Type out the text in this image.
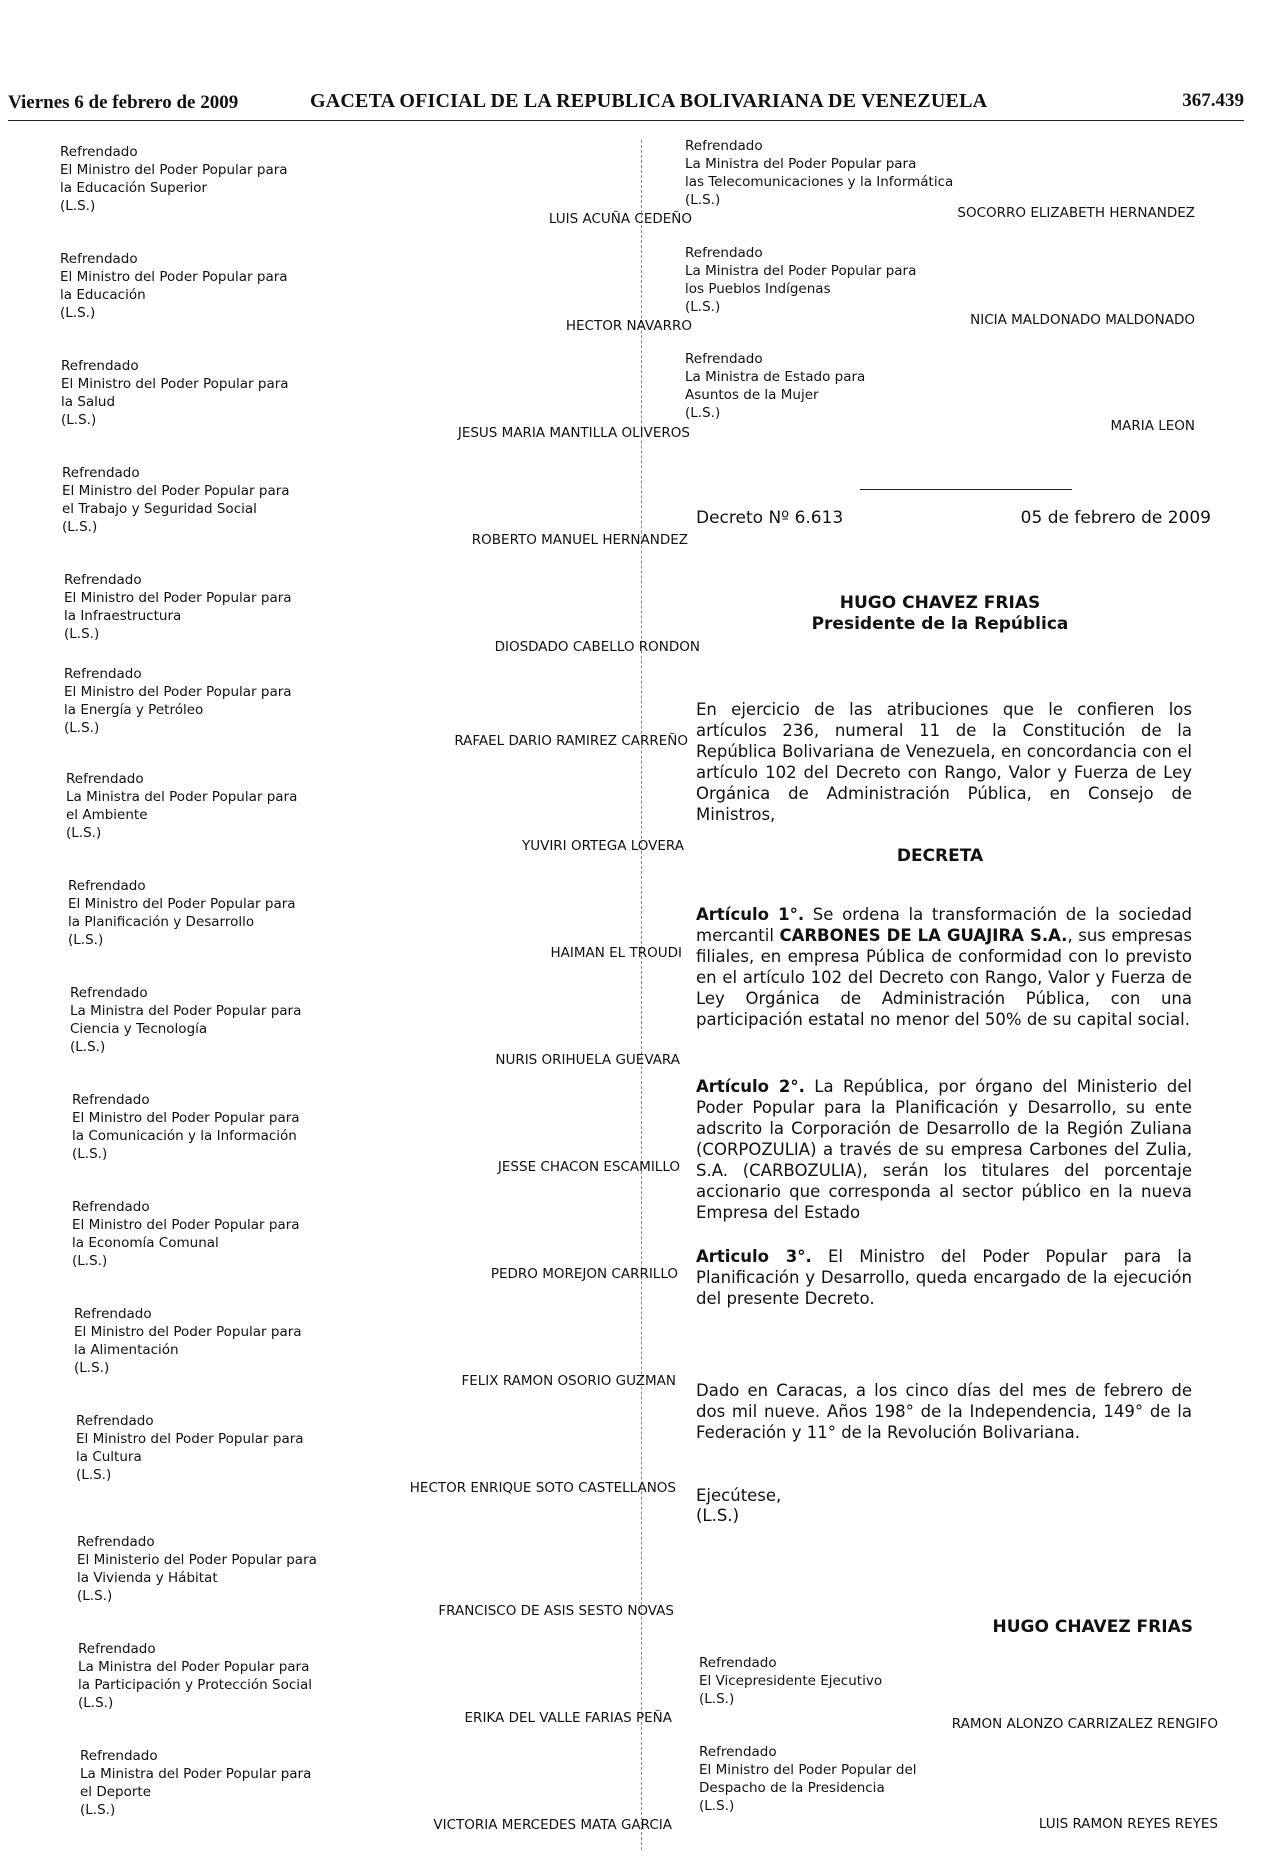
Viernes 6 de febrero de 2009	GACETA OFICIAL DE LA REPUBLICA BOLIVARIANA DE VENEZUELA	367.439
Refrendado
El Ministro del Poder Popular para
la Educación Superior
(L.S.)
LUIS ACUÑA CEDEÑO
Refrendado
El Ministro del Poder Popular para
la Educación
(L.S.)
HECTOR NAVARRO
Refrendado
El Ministro del Poder Popular para
la Salud
(L.S.)
JESUS MARIA MANTILLA OLIVEROS
Refrendado
El Ministro del Poder Popular para
el Trabajo y Seguridad Social
(L.S.)
ROBERTO MANUEL HERNANDEZ
Refrendado
El Ministro del Poder Popular para
la Infraestructura
(L.S.)
DIOSDADO CABELLO RONDON
Refrendado
El Ministro del Poder Popular para
la Energía y Petróleo
(L.S.)
RAFAEL DARIO RAMIREZ CARREÑO
Refrendado
La Ministra del Poder Popular para
el Ambiente
(L.S.)
YUVIRI ORTEGA LOVERA
Refrendado
El Ministro del Poder Popular para
la Planificación y Desarrollo
(L.S.)
HAIMAN EL TROUDI
Refrendado
La Ministra del Poder Popular para
Ciencia y Tecnología
(L.S.)
NURIS ORIHUELA GUEVARA
Refrendado
El Ministro del Poder Popular para
la Comunicación y la Información
(L.S.)
JESSE CHACON ESCAMILLO
Refrendado
El Ministro del Poder Popular para
la Economía Comunal
(L.S.)
PEDRO MOREJON CARRILLO
Refrendado
El Ministro del Poder Popular para
la Alimentación
(L.S.)
FELIX RAMON OSORIO GUZMAN
Refrendado
El Ministro del Poder Popular para
la Cultura
(L.S.)
HECTOR ENRIQUE SOTO CASTELLANOS
Refrendado
El Ministerio del Poder Popular para
la Vivienda y Hábitat
(L.S.)
FRANCISCO DE ASIS SESTO NOVAS
Refrendado
La Ministra del Poder Popular para
la Participación y Protección Social
(L.S.)
ERIKA DEL VALLE FARIAS PEÑA
Refrendado
La Ministra del Poder Popular para
el Deporte
(L.S.)
VICTORIA MERCEDES MATA GARCIA
Refrendado
La Ministra del Poder Popular para
las Telecomunicaciones y la Informática
(L.S.)
SOCORRO ELIZABETH HERNANDEZ
Refrendado
La Ministra del Poder Popular para
los Pueblos Indígenas
(L.S.)
NICIA MALDONADO MALDONADO
Refrendado
La Ministra de Estado para
Asuntos de la Mujer
(L.S.)
MARIA LEON
Decreto Nº 6.613	05 de febrero de 2009
HUGO CHAVEZ FRIAS
Presidente de la República
En ejercicio de las atribuciones que le confieren los artículos 236, numeral 11 de la Constitución de la República Bolivariana de Venezuela, en concordancia con el artículo 102 del Decreto con Rango, Valor y Fuerza de Ley Orgánica de Administración Pública, en Consejo de Ministros,
DECRETA
Artículo 1°. Se ordena la transformación de la sociedad mercantil CARBONES DE LA GUAJIRA S.A., sus empresas filiales, en empresa Pública de conformidad con lo previsto en el artículo 102 del Decreto con Rango, Valor y Fuerza de Ley Orgánica de Administración Pública, con una participación estatal no menor del 50% de su capital social.
Artículo 2°. La República, por órgano del Ministerio del Poder Popular para la Planificación y Desarrollo, su ente adscrito la Corporación de Desarrollo de la Región Zuliana (CORPOZULIA) a través de su empresa Carbones del Zulia, S.A. (CARBOZULIA), serán los titulares del porcentaje accionario que corresponda al sector público en la nueva Empresa del Estado
Articulo 3°. El Ministro del Poder Popular para la Planificación y Desarrollo, queda encargado de la ejecución del presente Decreto.
Dado en Caracas, a los cinco días del mes de febrero de dos mil nueve. Años 198° de la Independencia, 149° de la Federación y 11° de la Revolución Bolivariana.
Ejecútese,
(L.S.)
HUGO CHAVEZ FRIAS
Refrendado
El Vicepresidente Ejecutivo
(L.S.)
RAMON ALONZO CARRIZALEZ RENGIFO
Refrendado
El Ministro del Poder Popular del
Despacho de la Presidencia
(L.S.)
LUIS RAMON REYES REYES
